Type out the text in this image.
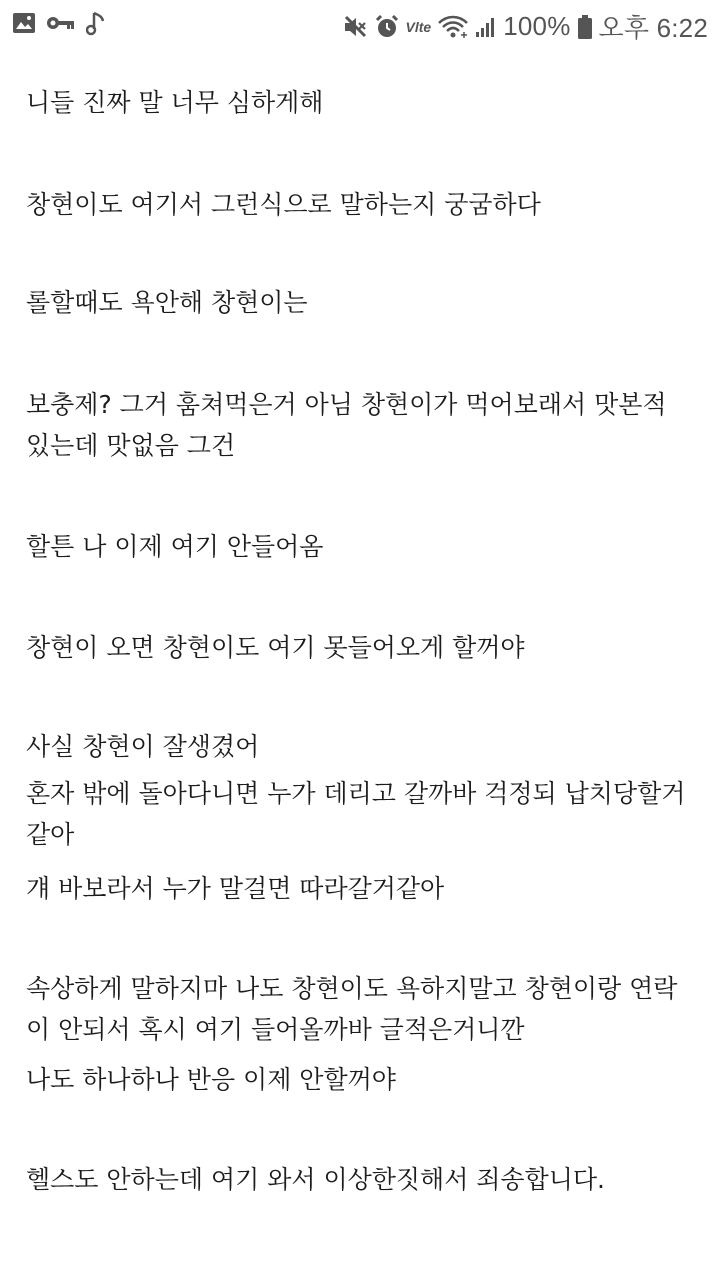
Vlte	100% 오후 6:22
니들 진짜 말 너무 심하게해
창현이도 여기서 그런식으로 말하는지 궁굼하다
롤할때도 욕안해 창현이는
보충제? 그거 훔쳐먹은거 아님 창현이가 먹어보래서 맛본적
있는데 맛없음 그건
할튼 나 이제 여기 안들어옴
창현이 오면 창현이도 여기 못들어오게 할꺼야
사실 창현이 잘생겼어
혼자 밖에 돌아다니면 누가 데리고 갈까바 걱정되 납치당할거
같아
걔 바보라서 누가 말걸면 따라갈거같아
속상하게 말하지마 나도 창현이도 욕하지말고 창현이랑 연락
이 안되서 혹시 여기 들어올까바 글적은거니깐
나도 하나하나 반응 이제 안할꺼야
헬스도 안하는데 여기 와서 이상한짓해서 죄송합니다.
